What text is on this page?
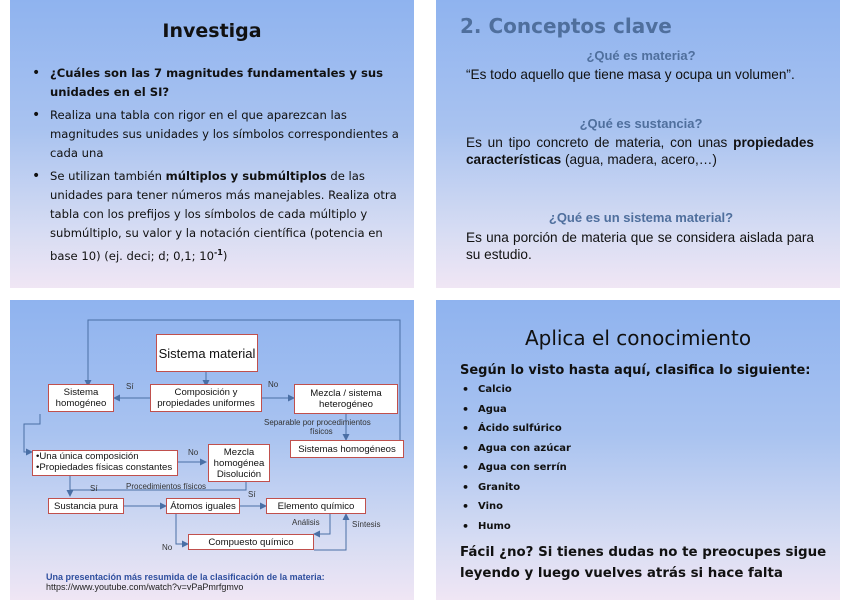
Investiga
• ¿Cuáles son las 7 magnitudes fundamentales y sus unidades en el SI?
• Realiza una tabla con rigor en el que aparezcan las magnitudes sus unidades y los símbolos correspondientes a cada una
• Se utilizan también múltiplos y submúltiplos de las unidades para tener números más manejables. Realiza otra tabla con los prefijos y los símbolos de cada múltiplo y submúltiplo, su valor y la notación científica (potencia en base 10) (ej. deci; d; 0,1; $10^{-1}$)
2. Conceptos clave
¿Qué es materia?
“Es todo aquello que tiene masa y ocupa un volumen”.
¿Qué es sustancia?
Es un tipo concreto de materia, con unas propiedades características (agua, madera, acero,…)
¿Qué es un sistema material?
Es una porción de materia que se considera aislada para su estudio.
Sistema material
Composición y propiedades uniformes
Sistema homogéneo
Mezcla / sistema heterogéneo
Sistemas homogéneos
•Una única composición
•Propiedades físicas constantes
Mezcla homogénea Disolución
Sustancia pura	Átomos iguales	Elemento químico
Compuesto químico
Sí	No
Separable por procedimientos
físicos
No
Sí	Procedimientos físicos
Sí
Análisis	Síntesis
No
Una presentación más resumida de la clasificación de la materia:
https://www.youtube.com/watch?v=vPaPmrfgmvo
Aplica el conocimiento
Según lo visto hasta aquí, clasifica lo siguiente:
• Calcio
• Agua
• Ácido sulfúrico
• Agua con azúcar
• Agua con serrín
• Granito
• Vino
• Humo
Fácil ¿no? Si tienes dudas no te preocupes sigue leyendo y luego vuelves atrás si hace falta
